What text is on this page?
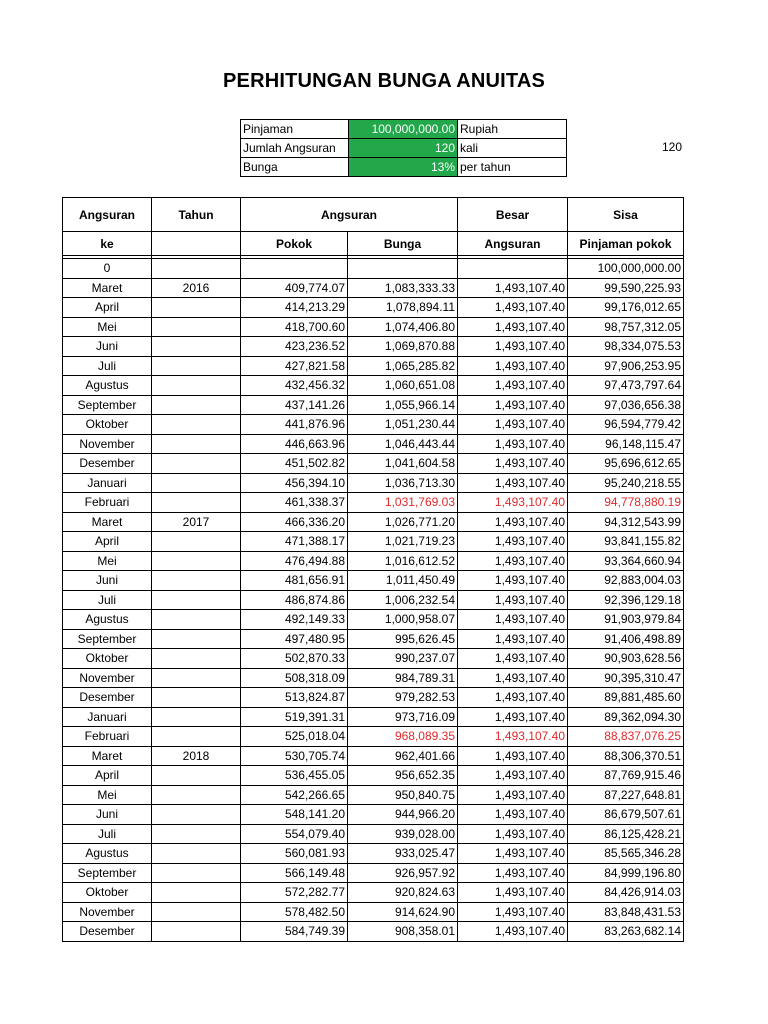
PERHITUNGAN BUNGA ANUITAS
Pinjaman	100,000,000.00	Rupiah
Jumlah Angsuran	120	kali
Bunga	13%	per tahun
120
Angsuran	Tahun	Angsuran		Besar	Sisa
ke		Pokok	Bunga	Angsuran	Pinjaman pokok

0					100,000,000.00
Maret	2016	409,774.07	1,083,333.33	1,493,107.40	99,590,225.93
April		414,213.29	1,078,894.11	1,493,107.40	99,176,012.65
Mei		418,700.60	1,074,406.80	1,493,107.40	98,757,312.05
Juni		423,236.52	1,069,870.88	1,493,107.40	98,334,075.53
Juli		427,821.58	1,065,285.82	1,493,107.40	97,906,253.95
Agustus		432,456.32	1,060,651.08	1,493,107.40	97,473,797.64
September		437,141.26	1,055,966.14	1,493,107.40	97,036,656.38
Oktober		441,876.96	1,051,230.44	1,493,107.40	96,594,779.42
November		446,663.96	1,046,443.44	1,493,107.40	96,148,115.47
Desember		451,502.82	1,041,604.58	1,493,107.40	95,696,612.65
Januari		456,394.10	1,036,713.30	1,493,107.40	95,240,218.55
Februari		461,338.37	1,031,769.03	1,493,107.40	94,778,880.19
Maret	2017	466,336.20	1,026,771.20	1,493,107.40	94,312,543.99
April		471,388.17	1,021,719.23	1,493,107.40	93,841,155.82
Mei		476,494.88	1,016,612.52	1,493,107.40	93,364,660.94
Juni		481,656.91	1,011,450.49	1,493,107.40	92,883,004.03
Juli		486,874.86	1,006,232.54	1,493,107.40	92,396,129.18
Agustus		492,149.33	1,000,958.07	1,493,107.40	91,903,979.84
September		497,480.95	995,626.45	1,493,107.40	91,406,498.89
Oktober		502,870.33	990,237.07	1,493,107.40	90,903,628.56
November		508,318.09	984,789.31	1,493,107.40	90,395,310.47
Desember		513,824.87	979,282.53	1,493,107.40	89,881,485.60
Januari		519,391.31	973,716.09	1,493,107.40	89,362,094.30
Februari		525,018.04	968,089.35	1,493,107.40	88,837,076.25
Maret	2018	530,705.74	962,401.66	1,493,107.40	88,306,370.51
April		536,455.05	956,652.35	1,493,107.40	87,769,915.46
Mei		542,266.65	950,840.75	1,493,107.40	87,227,648.81
Juni		548,141.20	944,966.20	1,493,107.40	86,679,507.61
Juli		554,079.40	939,028.00	1,493,107.40	86,125,428.21
Agustus		560,081.93	933,025.47	1,493,107.40	85,565,346.28
September		566,149.48	926,957.92	1,493,107.40	84,999,196.80
Oktober		572,282.77	920,824.63	1,493,107.40	84,426,914.03
November		578,482.50	914,624.90	1,493,107.40	83,848,431.53
Desember		584,749.39	908,358.01	1,493,107.40	83,263,682.14
